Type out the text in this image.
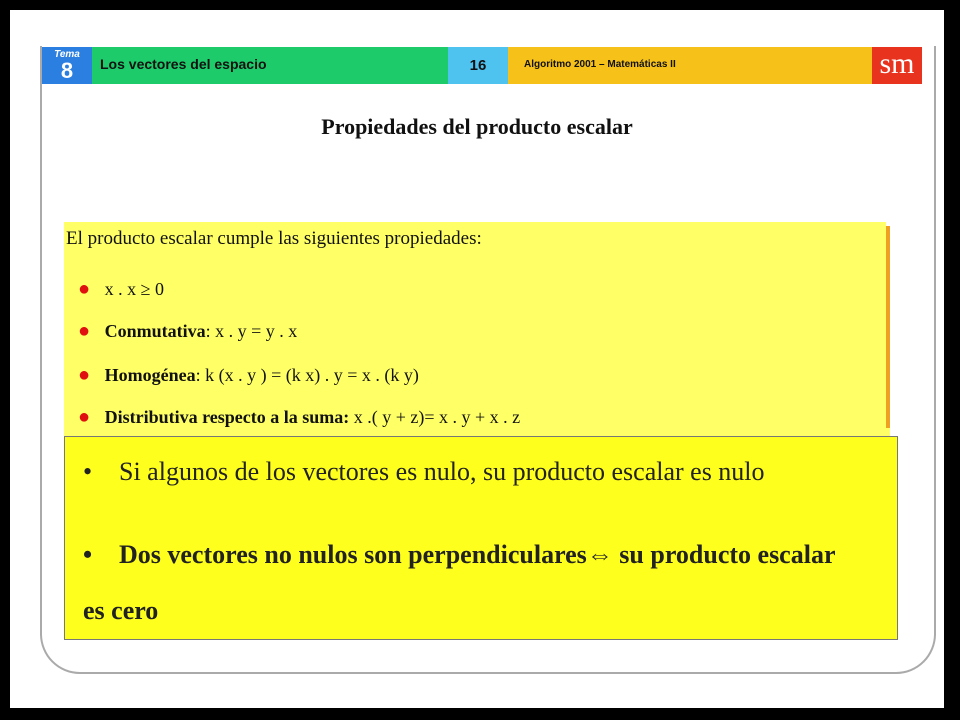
Tema
8	Los vectores del espacio	16	Algoritmo 2001 – Matemáticas II	sm
Propiedades del producto escalar
El producto escalar cumple las siguientes propiedades:
● x . x ≥ 0
● Conmutativa: x . y = y . x
● Homogénea: k (x . y ) = (k x) . y = x . (k y)
● Distributiva respecto a la suma: x .( y + z)= x . y + x . z
• Si algunos de los vectores es nulo, su producto escalar es nulo
• Dos vectores no nulos son perpendiculares⇔ su producto escalar es cero
